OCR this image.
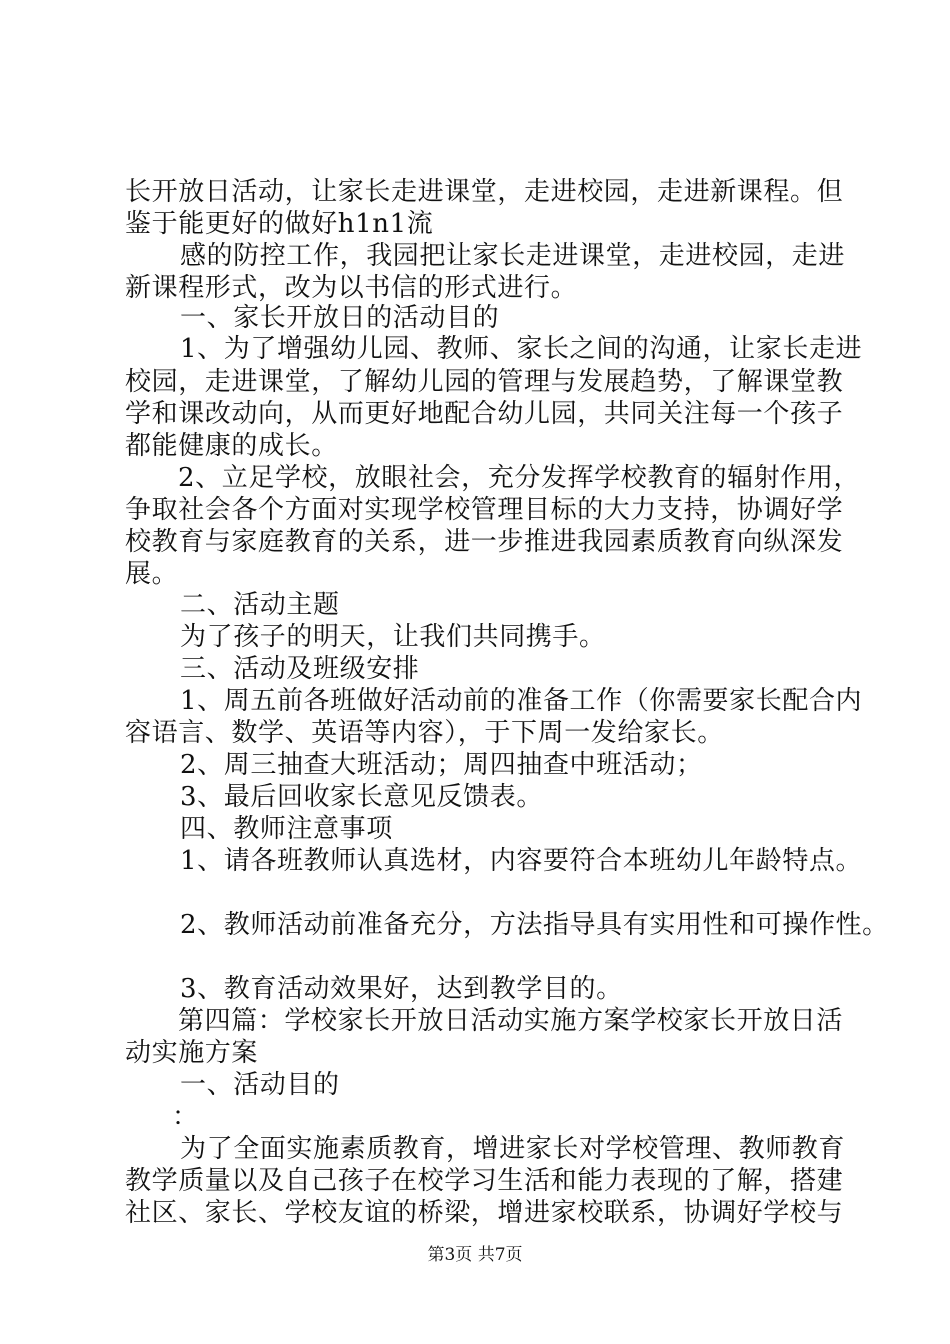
长开放日活动，让家长走进课堂，走进校园，走进新课程。但
鉴于能更好的做好h1n1流
感的防控工作，我园把让家长走进课堂，走进校园，走进
新课程形式，改为以书信的形式进行。
一、家长开放日的活动目的
1、为了增强幼儿园、教师、家长之间的沟通，让家长走进
校园，走进课堂，了解幼儿园的管理与发展趋势，了解课堂教
学和课改动向，从而更好地配合幼儿园，共同关注每一个孩子
都能健康的成长。
2、立足学校，放眼社会，充分发挥学校教育的辐射作用，
争取社会各个方面对实现学校管理目标的大力支持，协调好学
校教育与家庭教育的关系，进一步推进我园素质教育向纵深发
展。
二、活动主题
为了孩子的明天，让我们共同携手。
三、活动及班级安排
1、周五前各班做好活动前的准备工作（你需要家长配合内
容语言、数学、英语等内容），于下周一发给家长。
2、周三抽查大班活动；周四抽查中班活动；
3、最后回收家长意见反馈表。
四、教师注意事项
1、请各班教师认真选材，内容要符合本班幼儿年龄特点。
2、教师活动前准备充分，方法指导具有实用性和可操作性。
3、教育活动效果好，达到教学目的。
第四篇：学校家长开放日活动实施方案学校家长开放日活
动实施方案
一、活动目的
：
为了全面实施素质教育，增进家长对学校管理、教师教育
教学质量以及自己孩子在校学习生活和能力表现的了解，搭建
社区、家长、学校友谊的桥梁，增进家校联系，协调好学校与
第3页 共7页
